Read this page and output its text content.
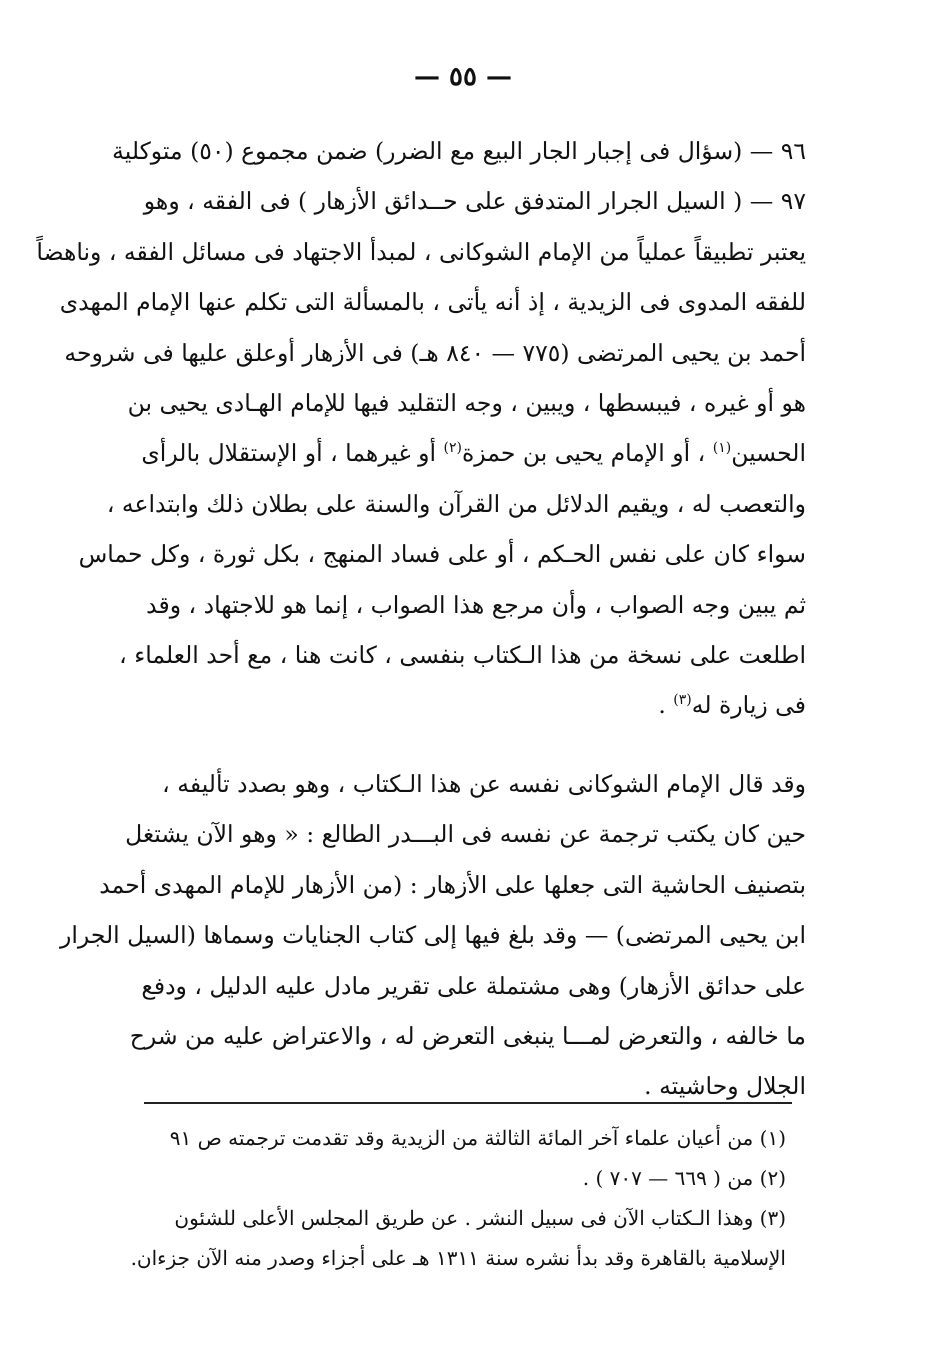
— ٥٥ —
٩٦ — (سؤال فى إجبار الجار البيع مع الضرر) ضمن مجموع (٥٠) متوكلية
٩٧ — ( السيل الجرار المتدفق على حــدائق الأزهار ) فى الفقه ، وهو
يعتبر تطبيقاً عملياً من الإمام الشوكانى ، لمبدأ الاجتهاد فى مسائل الفقه ، وناهضاً
للفقه المدوى فى الزيدية ، إذ أنه يأتى ، بالمسألة التى تكلم عنها الإمام المهدى
أحمد بن يحيى المرتضى (٧٧٥ — ٨٤٠ هـ) فى الأزهار أوعلق عليها فى شروحه
هو أو غيره ، فيبسطها ، ويبين ، وجه التقليد فيها للإمام الهـادى يحيى بن
الحسين$^{(١)}$ ، أو الإمام يحيى بن حمزة$^{(٢)}$ أو غيرهما ، أو الإستقلال بالرأى
والتعصب له ، ويقيم الدلائل من القرآن والسنة على بطلان ذلك وابتداعه ،
سواء كان على نفس الحـكم ، أو على فساد المنهج ، بكل ثورة ، وكل حماس
ثم يبين وجه الصواب ، وأن مرجع هذا الصواب ، إنما هو للاجتهاد ، وقد
اطلعت على نسخة من هذا الـكتاب بنفسى ، كانت هنا ، مع أحد العلماء ،
فى زيارة له$^{(٣)}$ .
وقد قال الإمام الشوكانى نفسه عن هذا الـكتاب ، وهو بصدد تأليفه ،
حين كان يكتب ترجمة عن نفسه فى البـــدر الطالع : « وهو الآن يشتغل
بتصنيف الحاشية التى جعلها على الأزهار : (من الأزهار للإمام المهدى أحمد
ابن يحيى المرتضى) — وقد بلغ فيها إلى كتاب الجنايات وسماها (السيل الجرار
على حدائق الأزهار) وهى مشتملة على تقرير مادل عليه الدليل ، ودفع
ما خالفه ، والتعرض لمـــا ينبغى التعرض له ، والاعتراض عليه من شرح
الجلال وحاشيته .
(١) من أعيان علماء آخر المائة الثالثة من الزيدية وقد تقدمت ترجمته ص ٩١
(٢) من ( ٦٦٩ — ٧٠٧ ) .
(٣) وهذا الـكتاب الآن فى سبيل النشر . عن طريق المجلس الأعلى للشئون
الإسلامية بالقاهرة وقد بدأ نشره سنة ١٣١١ هـ على أجزاء وصدر منه الآن جزءان.
